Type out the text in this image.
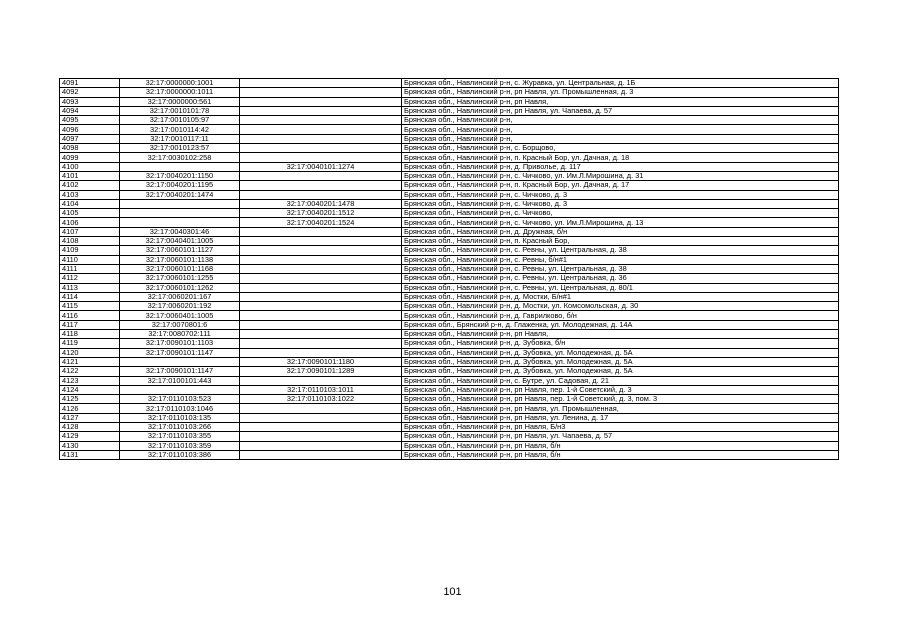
4091	32:17:0000000:1001		Брянская обл., Навлинский р-н, с. Журавка, ул. Центральная, д. 1Б
4092	32:17:0000000:1011		Брянская обл., Навлинский р-н, рп Навля, ул. Промышленная, д. 3
4093	32:17:0000000:561		Брянская обл., Навлинский р-н, рп Навля,
4094	32:17:0010101:78		Брянская обл., Навлинский р-н, рп Навля, ул. Чапаева, д. 57
4095	32:17:0010105:97		Брянская обл., Навлинский р-н,
4096	32:17:0010114:42		Брянская обл., Навлинский р-н,
4097	32:17:0010117:11		Брянская обл., Навлинский р-н,
4098	32:17:0010123:57		Брянская обл., Навлинский р-н, с. Борщово,
4099	32:17:0030102:258		Брянская обл., Навлинский р-н, п. Красный Бор, ул. Дачная, д. 18
4100		32:17:0040101:1274	Брянская обл., Навлинский р-н, д. Приволье, д. 117
4101	32:17:0040201:1150		Брянская обл., Навлинский р-н, с. Чичково, ул. Им.Л.Мирошина, д. 31
4102	32:17:0040201:1195		Брянская обл., Навлинский р-н, п. Красный Бор, ул. Дачная, д. 17
4103	32:17:0040201:1474		Брянская обл., Навлинский р-н, с. Чичково, д. 3
4104		32:17:0040201:1478	Брянская обл., Навлинский р-н, с. Чичково, д. 3
4105		32:17:0040201:1512	Брянская обл., Навлинский р-н, с. Чичково,
4106		32:17:0040201:1524	Брянская обл., Навлинский р-н, с. Чичково, ул. Им.Л.Мирошина, д. 13
4107	32:17:0040301:46		Брянская обл., Навлинский р-н, д. Дружная, б/н
4108	32:17:0040401:1005		Брянская обл., Навлинский р-н, п. Красный Бор,
4109	32:17:0060101:1127		Брянская обл., Навлинский р-н, с. Ревны, ул. Центральная, д. 38
4110	32:17:0060101:1138		Брянская обл., Навлинский р-н, с. Ревны, б/н#1
4111	32:17:0060101:1168		Брянская обл., Навлинский р-н, с. Ревны, ул. Центральная, д. 38
4112	32:17:0060101:1255		Брянская обл., Навлинский р-н, с. Ревны, ул. Центральная, д. 36
4113	32:17:0060101:1262		Брянская обл., Навлинский р-н, с. Ревны, ул. Центральная, д. 80/1
4114	32:17:0060201:167		Брянская обл., Навлинский р-н, д. Мостки, Б/н#1
4115	32:17:0060201:192		Брянская обл., Навлинский р-н, д. Мостки, ул. Комсомольская, д. 30
4116	32:17:0060401:1005		Брянская обл., Навлинский р-н, д. Гаврилково, б/н
4117	32:17:0070801:6		Брянская обл., Брянский р-н, д. Глаженка, ул. Молодежная, д. 14А
4118	32:17:0080702:111		Брянская обл., Навлинский р-н, рп Навля,
4119	32:17:0090101:1103		Брянская обл., Навлинский р-н, д. Зубовка, б/н
4120	32:17:0090101:1147		Брянская обл., Навлинский р-н, д. Зубовка, ул. Молодежная, д. 5А
4121		32:17:0090101:1180	Брянская обл., Навлинский р-н, д. Зубовка, ул. Молодежная, д. 5А
4122	32:17:0090101:1147	32:17:0090101:1289	Брянская обл., Навлинский р-н, д. Зубовка, ул. Молодежная, д. 5А
4123	32:17:0100101:443		Брянская обл., Навлинский р-н, с. Бутре, ул. Садовая, д. 21
4124		32:17:0110103:1011	Брянская обл., Навлинский р-н, рп Навля, пер. 1-й Советский, д. 3
4125	32:17:0110103:523	32:17:0110103:1022	Брянская обл., Навлинский р-н, рп Навля, пер. 1-й Советский, д. 3, пом. 3
4126	32:17:0110103:1046		Брянская обл., Навлинский р-н, рп Навля, ул. Промышленная,
4127	32:17:0110103:135		Брянская обл., Навлинский р-н, рп Навля, ул. Ленина, д. 17
4128	32:17:0110103:266		Брянская обл., Навлинский р-н, рп Навля, Б/н3
4129	32:17:0110103:355		Брянская обл., Навлинский р-н, рп Навля, ул. Чапаева, д. 57
4130	32:17:0110103:359		Брянская обл., Навлинский р-н, рп Навля, б/н
4131	32:17:0110103:386		Брянская обл., Навлинский р-н, рп Навля, б/н
101
